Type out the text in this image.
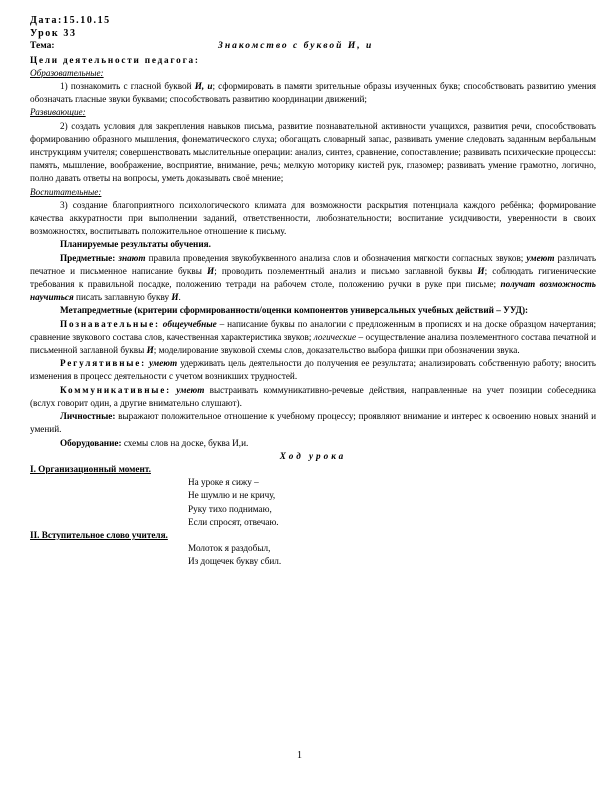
Дата:15.10.15

Урок 33

Тема:	Знакомство с буквой И, и

Цели деятельности педагога:

Образовательные:

1) познакомить с гласной буквой И, и; сформировать в памяти зрительные образы изученных букв; способствовать развитию умения обозначать гласные звуки буквами; способствовать развитию координации движений;

Развивающие:

2) создать условия для закрепления навыков письма, развитие познавательной активности учащихся, развития речи, способствовать формированию образного мышления, фонематического слуха; обогащать словарный запас, развивать умение следовать заданным вербальным инструкциям учителя; совершенствовать мыслительные операции: анализ, синтез, сравнение, сопоставление; развивать психические процессы: память, мышление, воображение, восприятие, внимание, речь; мелкую моторику кистей рук, глазомер; развивать умение грамотно, логично, полно давать ответы на вопросы, уметь доказывать своё мнение;

Воспитательные:

3) создание благоприятного психологического климата для возможности раскрытия потенциала каждого ребёнка; формирование качества аккуратности при выполнении заданий, ответственности, любознательности; воспитание усидчивости, уверенности в своих возможностях, воспитывать положительное отношение к письму.

Планируемые результаты обучения.

Предметные: знают правила проведения звукобуквенного анализа слов и обозначения мягкости согласных звуков; умеют различать печатное и письменное написание буквы И; проводить поэлементный анализ и письмо заглавной буквы И; соблюдать гигиенические требования к правильной посадке, положению тетради на рабочем столе, положению ручки в руке при письме; получат возможность научиться писать заглавную букву И.

Метапредметные (критерии сформированности/оценки компонентов универсальных учебных действий – УУД):

Познавательные: общеучебные – написание буквы по аналогии с предложенным в прописях и на доске образцом начертания; сравнение звукового состава слов, качественная характеристика звуков; логические – осуществление анализа поэлементного состава печатной и письменной заглавной буквы И; моделирование звуковой схемы слов, доказательство выбора фишки при обозначении звука.

Регулятивные: умеют удерживать цель деятельности до получения ее результата; анализировать собственную работу; вносить изменения в процесс деятельности с учетом возникших трудностей.

Коммуникативные: умеют выстраивать коммуникативно-речевые действия, направленные на учет позиции собеседника (вслух говорит один, а другие внимательно слушают).

Личностные: выражают положительное отношение к учебному процессу; проявляют внимание и интерес к освоению новых знаний и умений.

Оборудование: схемы слов на доске, буква И,и.

Ход урока

I. Организационный момент.

На уроке я сижу –

Не шумлю и не кричу,

Руку тихо поднимаю,

Если спросят, отвечаю.

II. Вступительное слово учителя.

Молоток я раздобыл,

Из дощечек букву сбил.

1
